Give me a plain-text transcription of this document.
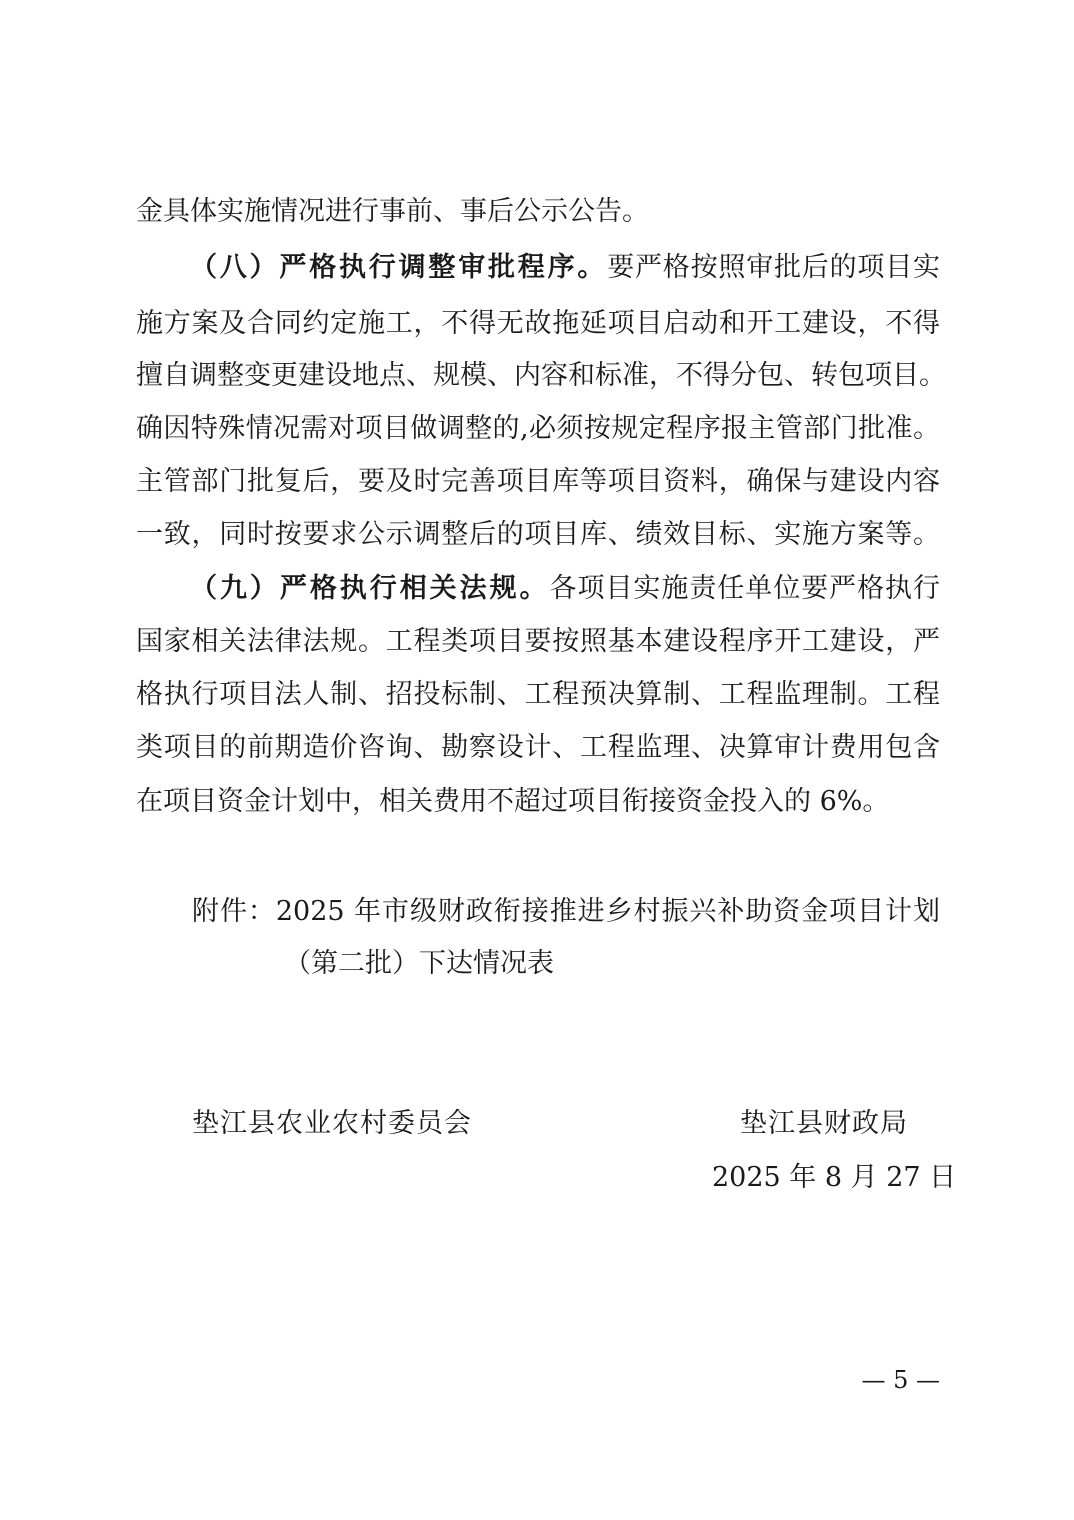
金具体实施情况进行事前、事后公示公告。
（八）严格执行调整审批程序。要严格按照审批后的项目实
施方案及合同约定施工，不得无故拖延项目启动和开工建设，不得
擅自调整变更建设地点、规模、内容和标准，不得分包、转包项目。
确因特殊情况需对项目做调整的,必须按规定程序报主管部门批准。
主管部门批复后，要及时完善项目库等项目资料，确保与建设内容
一致，同时按要求公示调整后的项目库、绩效目标、实施方案等。
（九）严格执行相关法规。各项目实施责任单位要严格执行
国家相关法律法规。工程类项目要按照基本建设程序开工建设，严
格执行项目法人制、招投标制、工程预决算制、工程监理制。工程
类项目的前期造价咨询、勘察设计、工程监理、决算审计费用包含
在项目资金计划中，相关费用不超过项目衔接资金投入的 6%。
附件：2025 年市级财政衔接推进乡村振兴补助资金项目计划
（第二批）下达情况表
垫江县农业农村委员会	垫江县财政局
2025 年 8 月 27 日
— 5 —
